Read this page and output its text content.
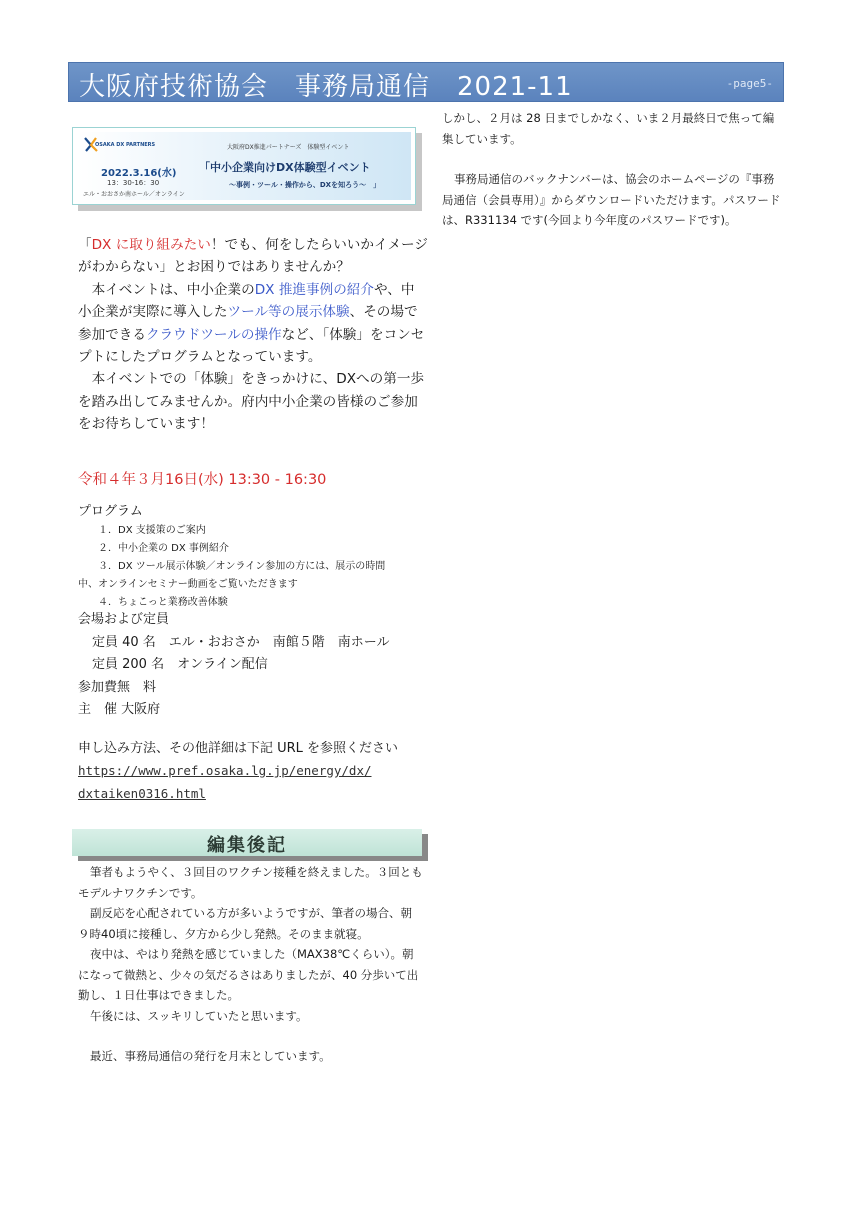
大阪府技術協会　事務局通信　2021-11	-page5-
OSAKA DX PARTNERS
2022.3.16(水)
13：30-16：30
エル・おおさか南ホール／オンライン
大阪府DX推進パートナーズ　体験型イベント
「中小企業向けDX体験型イベント
～事例・ツール・操作から、DXを知ろう～　」
「DX に取り組みたい！でも、何をしたらいいかイメージがわからない」とお困りではありませんか？
　本イベントは、中小企業のDX 推進事例の紹介や、中小企業が実際に導入したツール等の展示体験、その場で参加できるクラウドツールの操作など、「体験」をコンセプトにしたプログラムとなっています。
　本イベントでの「体験」をきっかけに、DXへの第一歩を踏み出してみませんか。府内中小企業の皆様のご参加をお待ちしています！
令和４年３月16日(水) 13:30 - 16:30
プログラム
１．DX 支援策のご案内
２．中小企業の DX 事例紹介
３．DX ツール展示体験／オンライン参加の方には、展示の時間
中、オンラインセミナー動画をご覧いただきます
４．ちょこっと業務改善体験
会場および定員
定員 40 名　エル・おおさか　南館５階　南ホール
定員 200 名　オンライン配信
参加費無　料
主　催 大阪府
申し込み方法、その他詳細は下記 URL を参照ください
https://www.pref.osaka.lg.jp/energy/dx/
dxtaiken0316.html
編集後記

筆者もようやく、３回目のワクチン接種を終えました。３回ともモデルナワクチンです。

副反応を心配されている方が多いようですが、筆者の場合、朝９時40頃に接種し、夕方から少し発熱。そのまま就寝。

夜中は、やはり発熱を感じていました（MAX38℃くらい）。朝になって微熱と、少々の気だるさはありましたが、40 分歩いて出勤し、１日仕事はできました。

午後には、スッキリしていたと思います。

最近、事務局通信の発行を月末としています。

しかし、２月は 28 日までしかなく、いま２月最終日で焦って編集しています。

事務局通信のバックナンバーは、協会のホームページの『事務局通信（会員専用）』からダウンロードいただけます。パスワードは、R331134 です(今回より今年度のパスワードです)。
